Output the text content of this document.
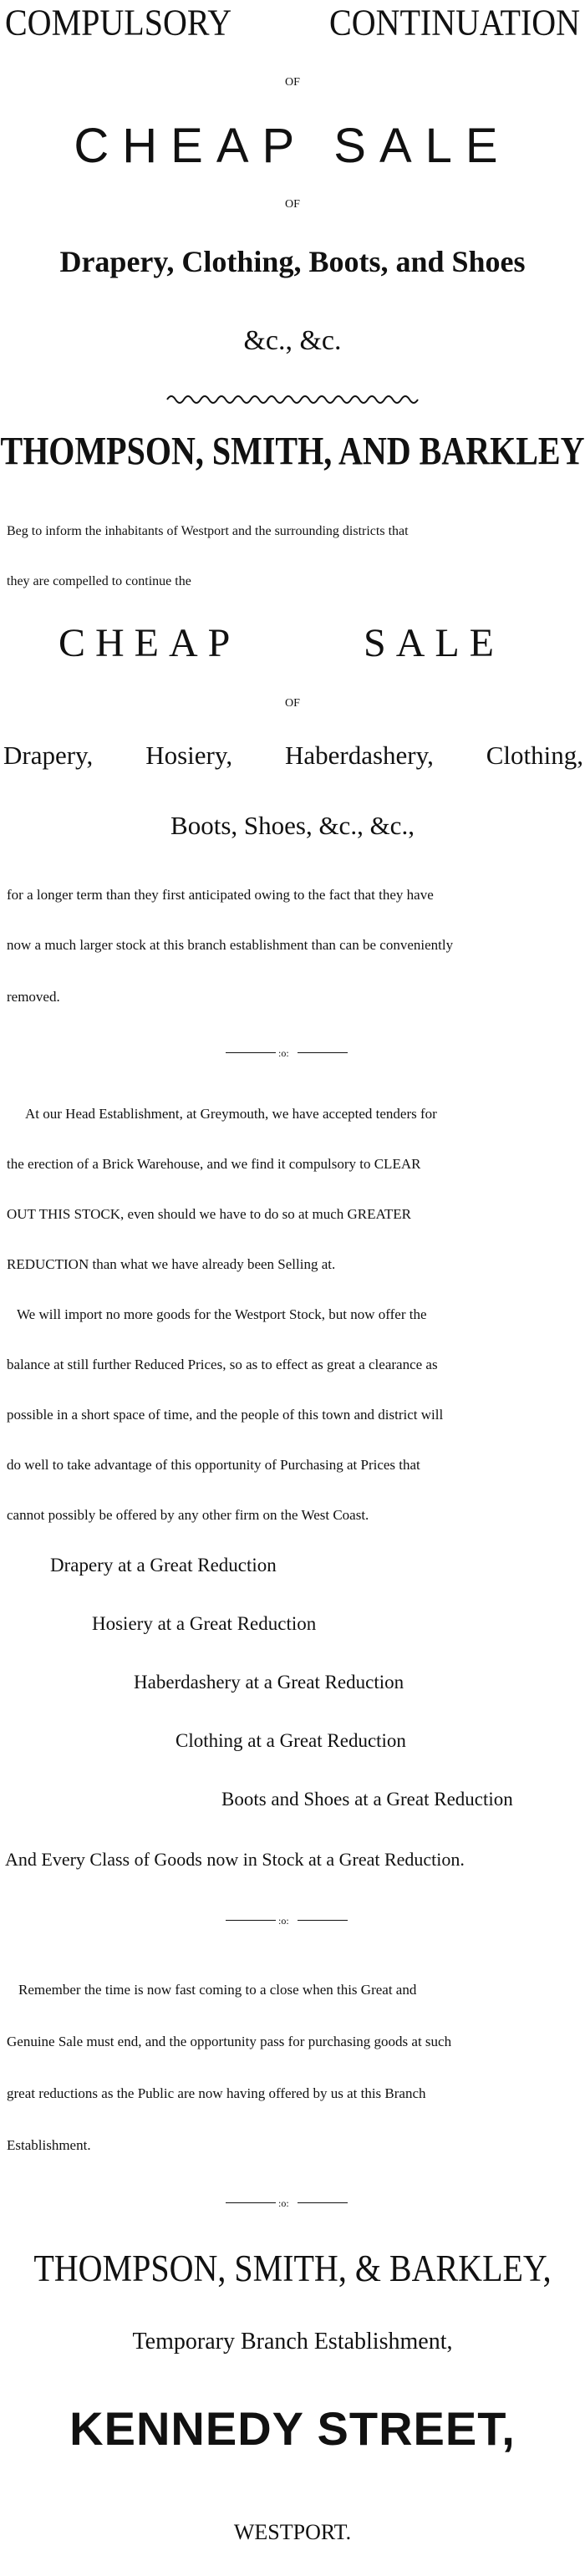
COMPULSORY	CONTINUATION
OF
CHEAP SALE
OF
Drapery, Clothing, Boots, and Shoes
&c., &c.
THOMPSON, SMITH, AND BARKLEY
Beg to inform the inhabitants of Westport and the surrounding districts that
they are compelled to continue the
CHEAP	SALE
OF
Drapery, Hosiery, Haberdashery, Clothing,
Boots, Shoes, &c., &c.,
for a longer term than they first anticipated owing to the fact that they have
now a much larger stock at this branch establishment than can be conveniently
removed.
:o:
At our Head Establishment, at Greymouth, we have accepted tenders for
the erection of a Brick Warehouse, and we find it compulsory to CLEAR
OUT THIS STOCK, even should we have to do so at much GREATER
REDUCTION than what we have already been Selling at.
We will import no more goods for the Westport Stock, but now offer the
balance at still further Reduced Prices, so as to effect as great a clearance as
possible in a short space of time, and the people of this town and district will
do well to take advantage of this opportunity of Purchasing at Prices that
cannot possibly be offered by any other firm on the West Coast.
Drapery at a Great Reduction
Hosiery at a Great Reduction
Haberdashery at a Great Reduction
Clothing at a Great Reduction
Boots and Shoes at a Great Reduction
And Every Class of Goods now in Stock at a Great Reduction.
:o:
Remember the time is now fast coming to a close when this Great and
Genuine Sale must end, and the opportunity pass for purchasing goods at such
great reductions as the Public are now having offered by us at this Branch
Establishment.
:o:
THOMPSON, SMITH, & BARKLEY,
Temporary Branch Establishment,
KENNEDY STREET,
WESTPORT.
